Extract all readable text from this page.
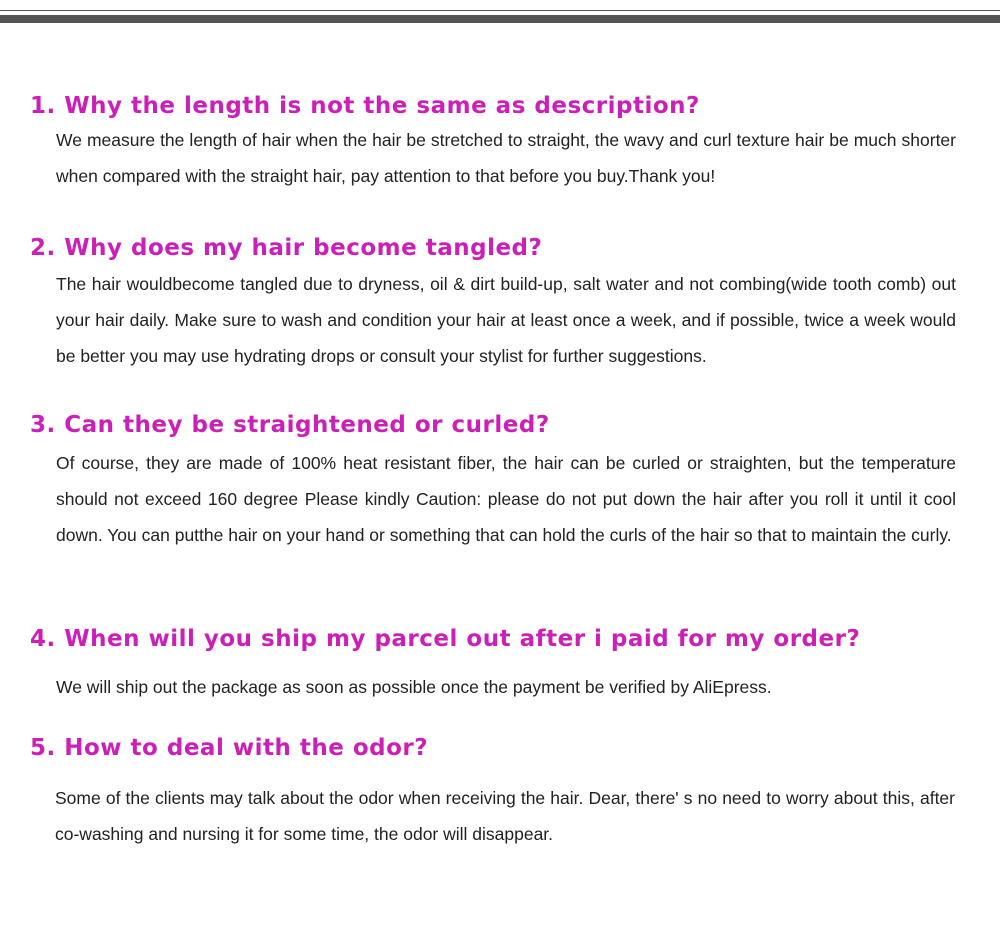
1. Why the length is not the same as description?

We measure the length of hair when the hair be stretched to straight, the wavy and curl texture hair be much shorter when compared with the straight hair, pay attention to that before you buy.Thank you!

2. Why does my hair become tangled?

The hair wouldbecome tangled due to dryness, oil & dirt build-up, salt water and not combing(wide tooth comb) out your hair daily. Make sure to wash and condition your hair at least once a week, and if possible, twice a week would be better you may use hydrating drops or consult your stylist for further suggestions.

3. Can they be straightened or curled?

Of course, they are made of 100% heat resistant fiber, the hair can be curled or straighten, but the temperature should not exceed 160 degree Please kindly Caution: please do not put down the hair after you roll it until it cool down. You can putthe hair on your hand or something that can hold the curls of the hair so that to maintain the curly.

4. When will you ship my parcel out after i paid for my order?

We will ship out the package as soon as possible once the payment be verified by AliEpress.

5. How to deal with the odor?

Some of the clients may talk about the odor when receiving the hair. Dear, there' s no need to worry about this, after co-washing and nursing it for some time, the odor will disappear.
